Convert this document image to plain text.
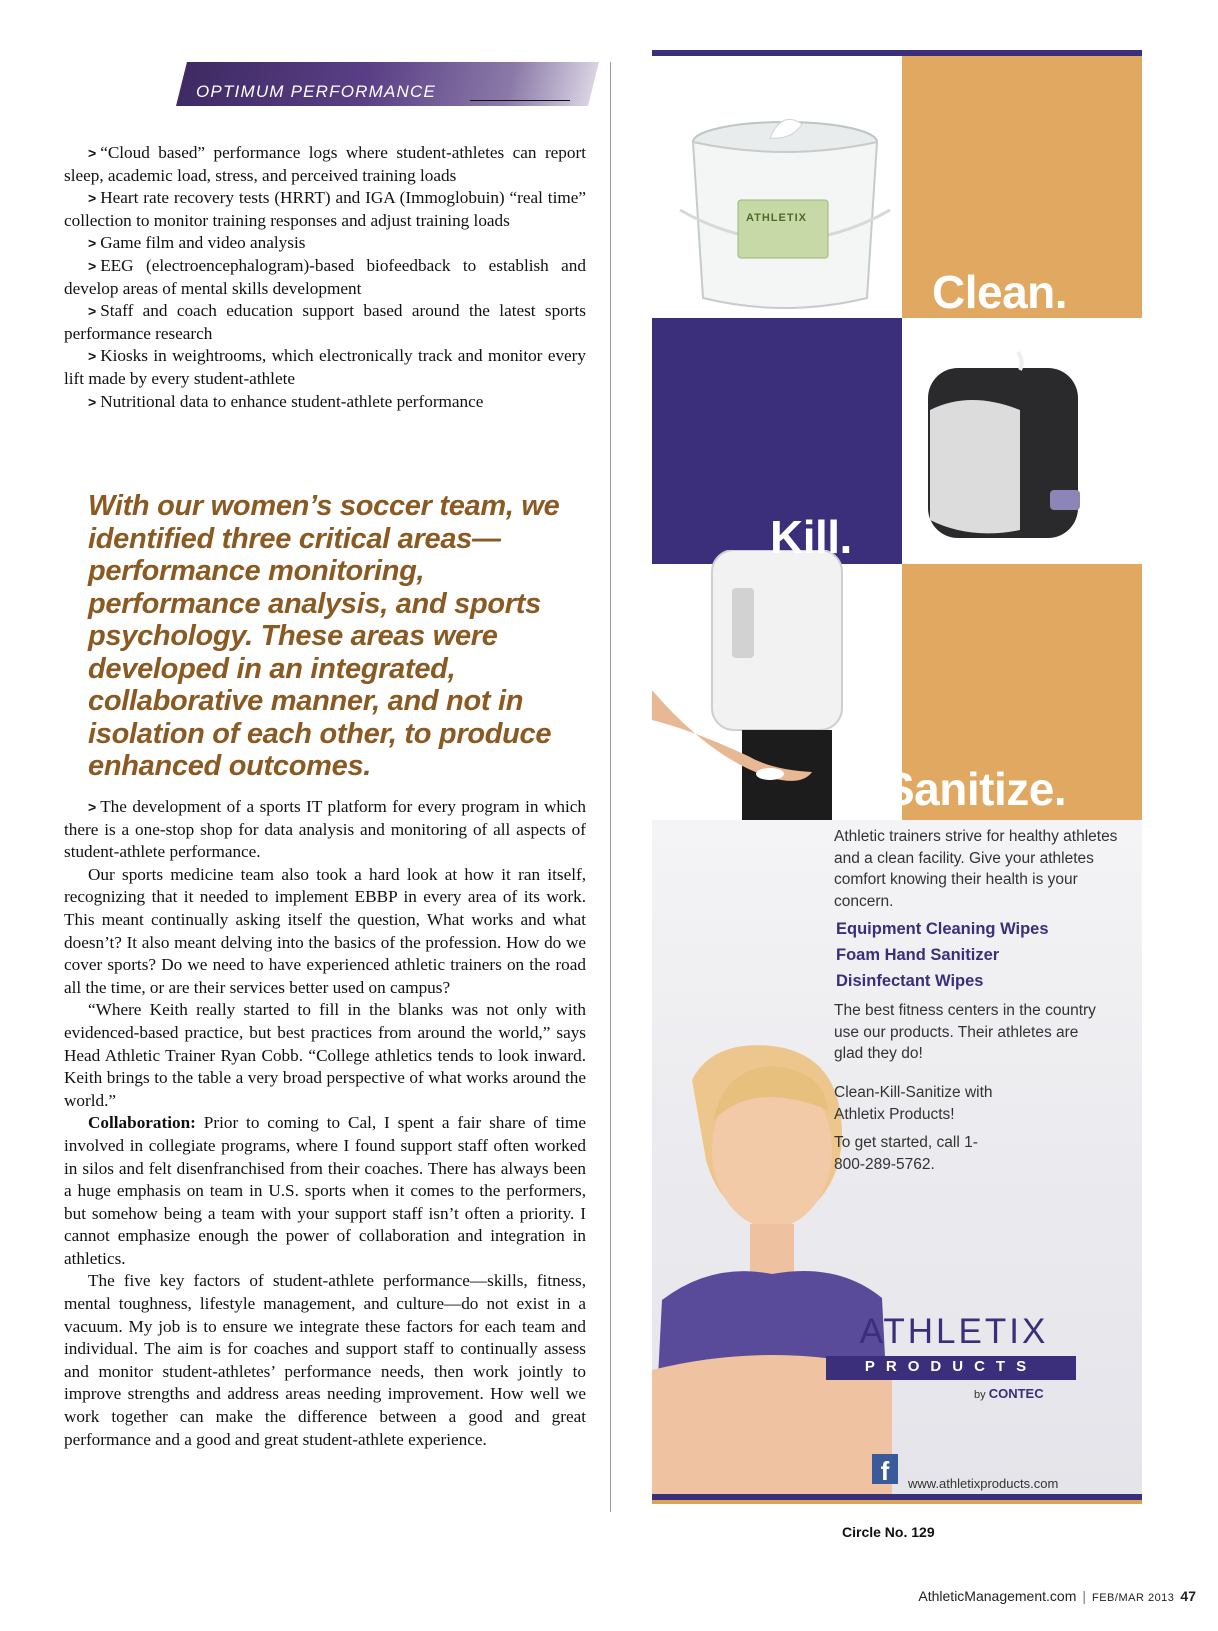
OPTIMUM PERFORMANCE

> “Cloud based” performance logs where student-athletes can report sleep, academic load, stress, and perceived training loads

> Heart rate recovery tests (HRRT) and IGA (Immoglobuin) “real time” collection to monitor training responses and adjust training loads

> Game film and video analysis

> EEG (electroencephalogram)-based biofeedback to establish and develop areas of mental skills development

> Staff and coach education support based around the latest sports performance research

> Kiosks in weightrooms, which electronically track and monitor every lift made by every student-athlete

> Nutritional data to enhance student-athlete performance

With our women’s soccer team, we identified three critical areas—performance monitoring, performance analysis, and sports psychology. These areas were developed in an integrated, collaborative manner, and not in isolation of each other, to produce enhanced outcomes.

> The development of a sports IT platform for every program in which there is a one-stop shop for data analysis and monitoring of all aspects of student-athlete performance.

Our sports medicine team also took a hard look at how it ran itself, recognizing that it needed to implement EBBP in every area of its work. This meant continually asking itself the question, What works and what doesn’t? It also meant delving into the basics of the profession. How do we cover sports? Do we need to have experienced athletic trainers on the road all the time, or are their services better used on campus?

“Where Keith really started to fill in the blanks was not only with evidenced-based practice, but best practices from around the world,” says Head Athletic Trainer Ryan Cobb. “College athletics tends to look inward. Keith brings to the table a very broad perspective of what works around the world.”

Collaboration: Prior to coming to Cal, I spent a fair share of time involved in collegiate programs, where I found support staff often worked in silos and felt disenfranchised from their coaches. There has always been a huge emphasis on team in U.S. sports when it comes to the performers, but somehow being a team with your support staff isn’t often a priority. I cannot emphasize enough the power of collaboration and integration in athletics.

The five key factors of student-athlete performance—skills, fitness, mental toughness, lifestyle management, and culture—do not exist in a vacuum. My job is to ensure we integrate these factors for each team and individual. The aim is for coaches and support staff to continually assess and monitor student-athletes’ performance needs, then work jointly to improve strengths and address areas needing improvement. How well we work together can make the difference between a good and great performance and a good and great student-athlete experience.

ATHLETIX
Clean.
Kill.
Sanitize.
Athletic trainers strive for healthy athletes and a clean facility. Give your athletes comfort knowing their health is your concern.
Equipment Cleaning Wipes
Foam Hand Sanitizer
Disinfectant Wipes
The best fitness centers in the country use our products. Their athletes are glad they do!
Clean-Kill-Sanitize with Athletix Products!
To get started, call 1-800-289-5762.
ATHLETIX
PRODUCTS
by CONTEC
f	www.athletixproducts.com
Circle No. 129
AthleticManagement.com | FEB/MAR 2013 47
